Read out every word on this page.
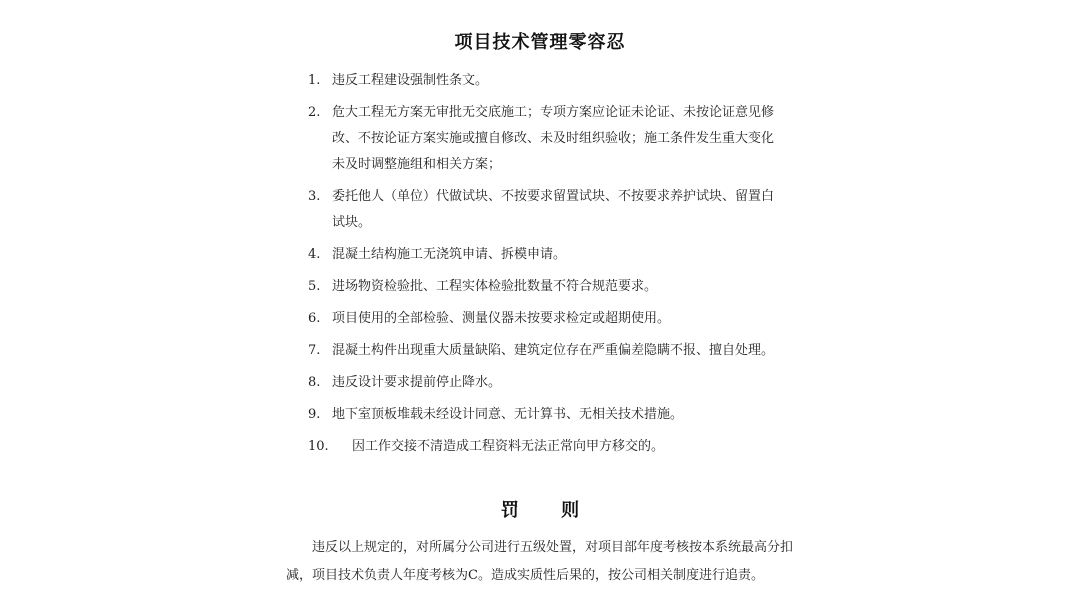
项目技术管理零容忍
1. 违反工程建设强制性条文。
2. 危大工程无方案无审批无交底施工；专项方案应论证未论证、未按论证意见修改、不按论证方案实施或擅自修改、未及时组织验收；施工条件发生重大变化未及时调整施组和相关方案；
3. 委托他人（单位）代做试块、不按要求留置试块、不按要求养护试块、留置白试块。
4. 混凝土结构施工无浇筑申请、拆模申请。
5. 进场物资检验批、工程实体检验批数量不符合规范要求。
6. 项目使用的全部检验、测量仪器未按要求检定或超期使用。
7. 混凝土构件出现重大质量缺陷、建筑定位存在严重偏差隐瞒不报、擅自处理。
8. 违反设计要求提前停止降水。
9. 地下室顶板堆载未经设计同意、无计算书、无相关技术措施。
10. 因工作交接不清造成工程资料无法正常向甲方移交的。
罚 则

违反以上规定的，对所属分公司进行五级处置，对项目部年度考核按本系统最高分扣减，项目技术负责人年度考核为C。造成实质性后果的，按公司相关制度进行追责。
